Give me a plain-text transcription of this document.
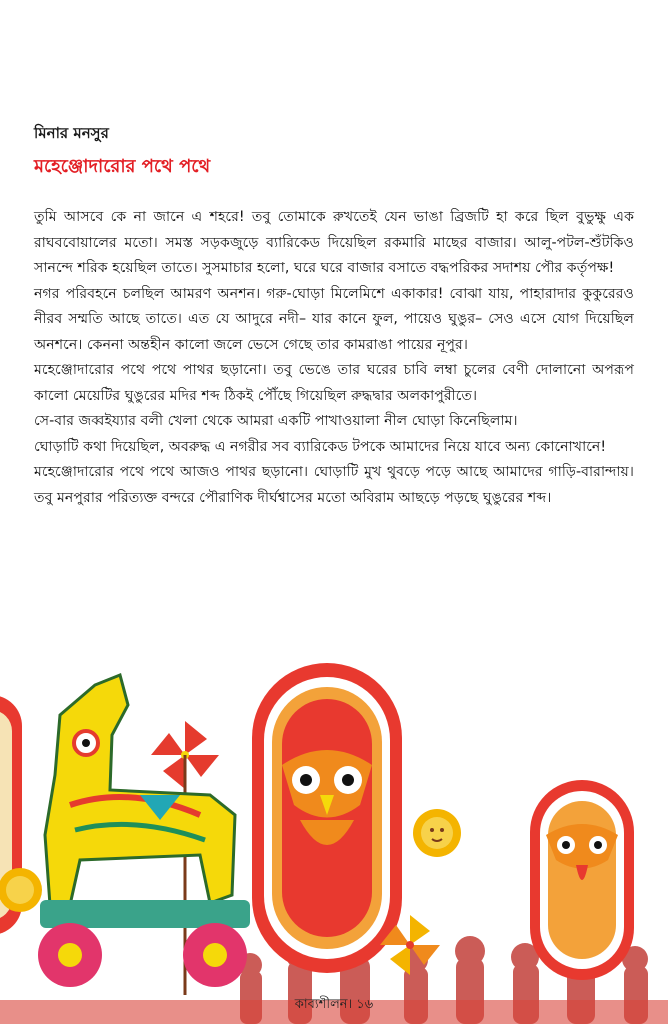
মিনার মনসুর
মহেঞ্জোদারোর পথে পথে

তুমি আসবে কে না জানে এ শহরে! তবু তোমাকে রুখতেই যেন ভাঙা ব্রিজটি হা করে ছিল বুভুক্ষু এক রাঘববোয়ালের মতো। সমস্ত সড়কজুড়ে ব্যারিকেড দিয়েছিল রকমারি মাছের বাজার। আলু-পটল-শুঁটকিও সানন্দে শরিক হয়েছিল তাতে। সুসমাচার হলো, ঘরে ঘরে বাজার বসাতে বদ্ধপরিকর সদাশয় পৌর কর্তৃপক্ষ!

নগর পরিবহনে চলছিল আমরণ অনশন। গরু-ঘোড়া মিলেমিশে একাকার! বোঝা যায়, পাহারাদার কুকুরেরও নীরব সম্মতি আছে তাতে। এত যে আদুরে নদী– যার কানে ফুল, পায়েও ঘুঙুর– সেও এসে যোগ দিয়েছিল অনশনে। কেননা অন্তহীন কালো জলে ভেসে গেছে তার কামরাঙা পায়ের নূপুর।

মহেঞ্জোদারোর পথে পথে পাথর ছড়ানো। তবু ভেঙে তার ঘরের চাবি লম্বা চুলের বেণী দোলানো অপরূপ কালো মেয়েটির ঘুঙুরের মদির শব্দ ঠিকই পৌঁছে গিয়েছিল রুদ্ধদ্বার অলকাপুরীতে।

সে-বার জব্বইয্যার বলী খেলা থেকে আমরা একটি পাখাওয়ালা নীল ঘোড়া কিনেছিলাম।

ঘোড়াটি কথা দিয়েছিল, অবরুদ্ধ এ নগরীর সব ব্যারিকেড টপকে আমাদের নিয়ে যাবে অন্য কোনোখানে!

মহেঞ্জোদারোর পথে পথে আজও পাথর ছড়ানো। ঘোড়াটি মুখ থুবড়ে পড়ে আছে আমাদের গাড়ি-বারান্দায়। তবু মনপুরার পরিত্যক্ত বন্দরে পৌরাণিক দীর্ঘশ্বাসের মতো অবিরাম আছড়ে পড়ছে ঘুঙুরের শব্দ।

কাব্যশীলন। ১৬
